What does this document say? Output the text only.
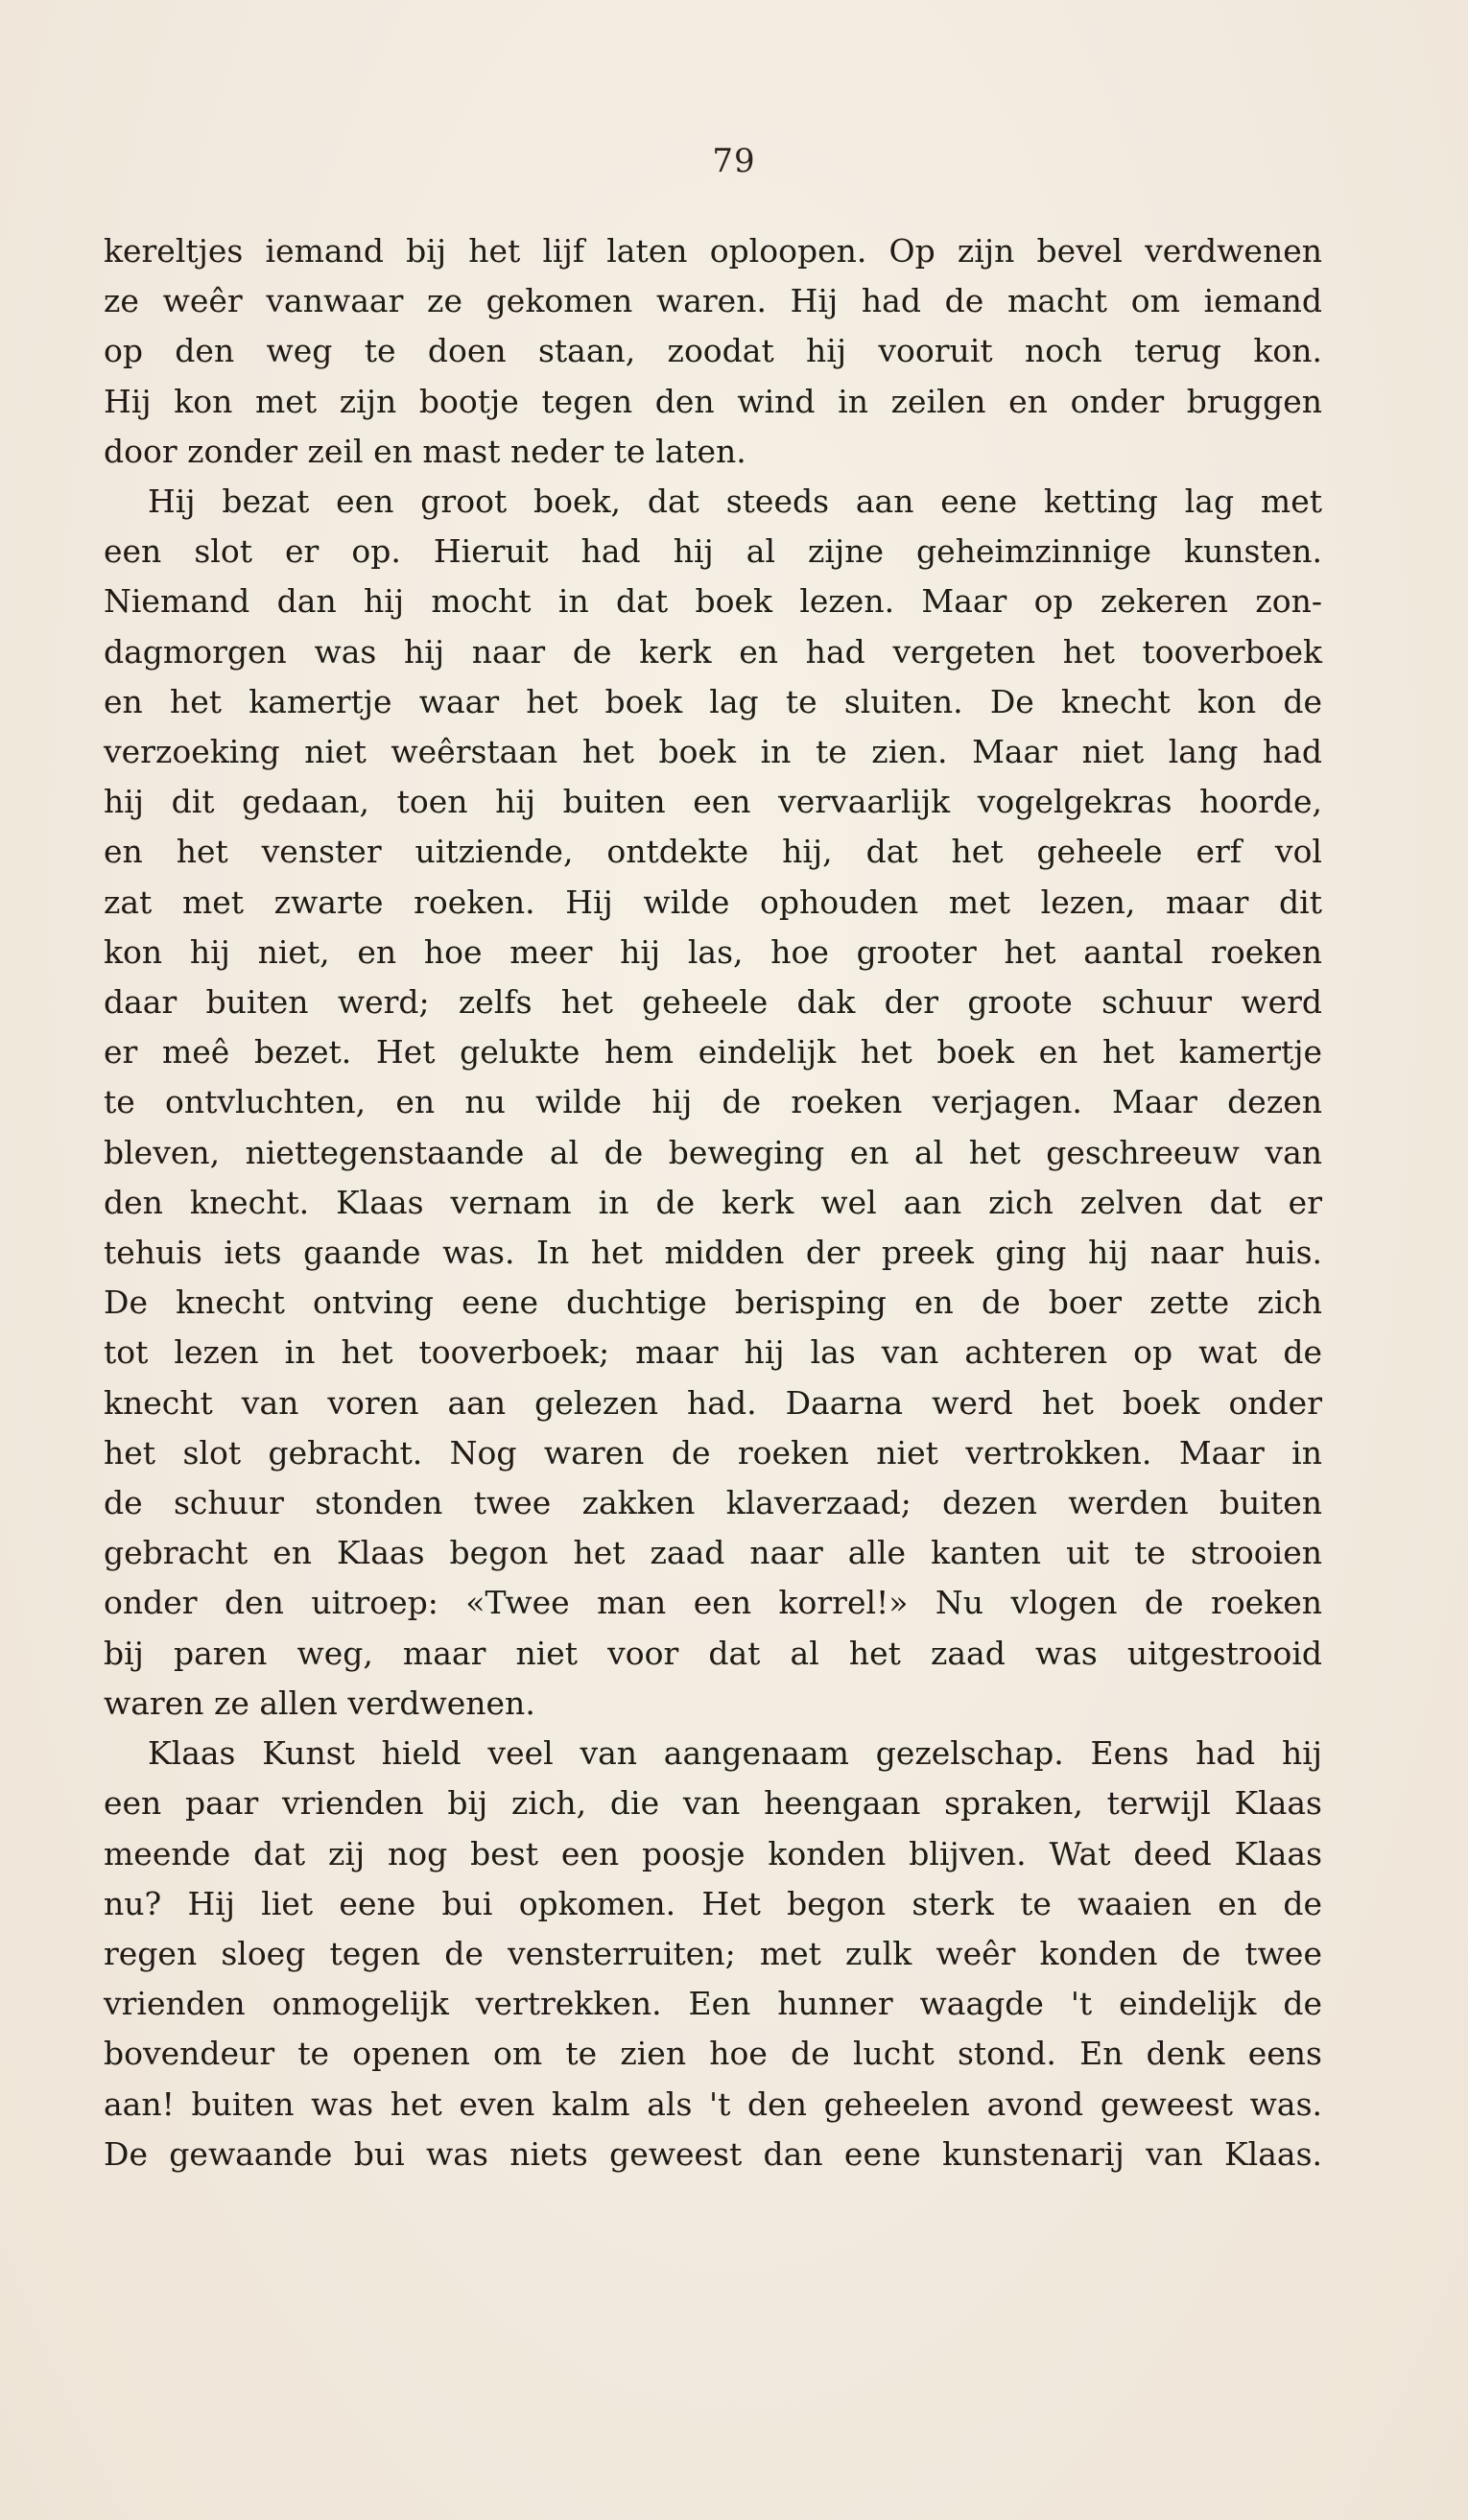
79
kereltjes iemand bij het lijf laten oploopen. Op zijn bevel verdwenen
ze weêr vanwaar ze gekomen waren. Hij had de macht om iemand
op den weg te doen staan, zoodat hij vooruit noch terug kon.
Hij kon met zijn bootje tegen den wind in zeilen en onder bruggen
door zonder zeil en mast neder te laten.
Hij bezat een groot boek, dat steeds aan eene ketting lag met
een slot er op. Hieruit had hij al zijne geheimzinnige kunsten.
Niemand dan hij mocht in dat boek lezen. Maar op zekeren zon-
dagmorgen was hij naar de kerk en had vergeten het tooverboek
en het kamertje waar het boek lag te sluiten. De knecht kon de
verzoeking niet weêrstaan het boek in te zien. Maar niet lang had
hij dit gedaan, toen hij buiten een vervaarlijk vogelgekras hoorde,
en het venster uitziende, ontdekte hij, dat het geheele erf vol
zat met zwarte roeken. Hij wilde ophouden met lezen, maar dit
kon hij niet, en hoe meer hij las, hoe grooter het aantal roeken
daar buiten werd; zelfs het geheele dak der groote schuur werd
er meê bezet. Het gelukte hem eindelijk het boek en het kamertje
te ontvluchten, en nu wilde hij de roeken verjagen. Maar dezen
bleven, niettegenstaande al de beweging en al het geschreeuw van
den knecht. Klaas vernam in de kerk wel aan zich zelven dat er
tehuis iets gaande was. In het midden der preek ging hij naar huis.
De knecht ontving eene duchtige berisping en de boer zette zich
tot lezen in het tooverboek; maar hij las van achteren op wat de
knecht van voren aan gelezen had. Daarna werd het boek onder
het slot gebracht. Nog waren de roeken niet vertrokken. Maar in
de schuur stonden twee zakken klaverzaad; dezen werden buiten
gebracht en Klaas begon het zaad naar alle kanten uit te strooien
onder den uitroep: «Twee man een korrel!» Nu vlogen de roeken
bij paren weg, maar niet voor dat al het zaad was uitgestrooid
waren ze allen verdwenen.
Klaas Kunst hield veel van aangenaam gezelschap. Eens had hij
een paar vrienden bij zich, die van heengaan spraken, terwijl Klaas
meende dat zij nog best een poosje konden blijven. Wat deed Klaas
nu? Hij liet eene bui opkomen. Het begon sterk te waaien en de
regen sloeg tegen de vensterruiten; met zulk weêr konden de twee
vrienden onmogelijk vertrekken. Een hunner waagde 't eindelijk de
bovendeur te openen om te zien hoe de lucht stond. En denk eens
aan! buiten was het even kalm als 't den geheelen avond geweest was.
De gewaande bui was niets geweest dan eene kunstenarij van Klaas.
